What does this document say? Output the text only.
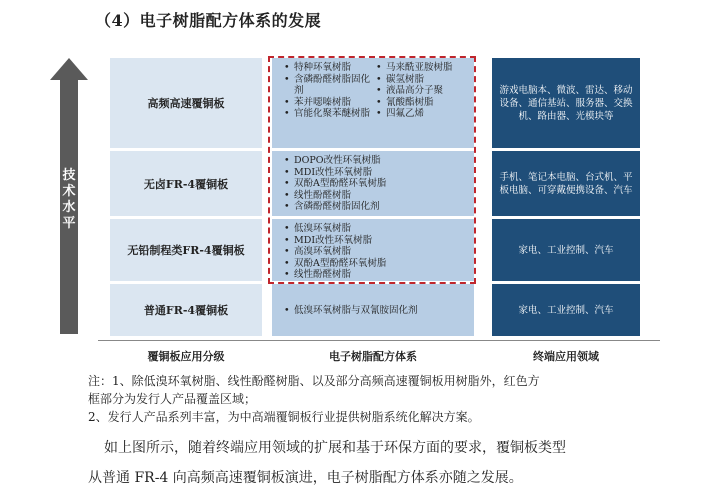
（4）电子树脂配方体系的发展
技
术
水
平
高频高速覆铜板
无卤FR-4覆铜板
无铅制程类FR-4覆铜板
普通FR-4覆铜板
• 特种环氧树脂
• 含磷酚醛树脂固化剂
• 苯并噁嗪树脂
• 官能化聚苯醚树脂
• 马来酰亚胺树脂
• 碳氢树脂
• 液晶高分子聚
• 氰酸酯树脂
• 四氟乙烯
• DOPO改性环氧树脂
• MDI改性环氧树脂
• 双酚A型酚醛环氧树脂
• 线性酚醛树脂
• 含磷酚醛树脂固化剂
• 低溴环氧树脂
• MDI改性环氧树脂
• 高溴环氧树脂
• 双酚A型酚醛环氧树脂
• 线性酚醛树脂
• 低溴环氧树脂与双氰胺固化剂
游戏电脑本、微波、雷达、移动设备、通信基站、服务器、交换机、路由器、光模块等
手机、笔记本电脑、台式机、平板电脑、可穿戴便携设备、汽车
家电、工业控制、汽车
家电、工业控制、汽车
覆铜板应用分级	电子树脂配方体系	终端应用领域
注：1、除低溴环氧树脂、线性酚醛树脂、以及部分高频高速覆铜板用树脂外，红色方
框部分为发行人产品覆盖区域；
2、发行人产品系列丰富，为中高端覆铜板行业提供树脂系统化解决方案。
如上图所示，随着终端应用领域的扩展和基于环保方面的要求，覆铜板类型
从普通 FR-4 向高频高速覆铜板演进，电子树脂配方体系亦随之发展。
